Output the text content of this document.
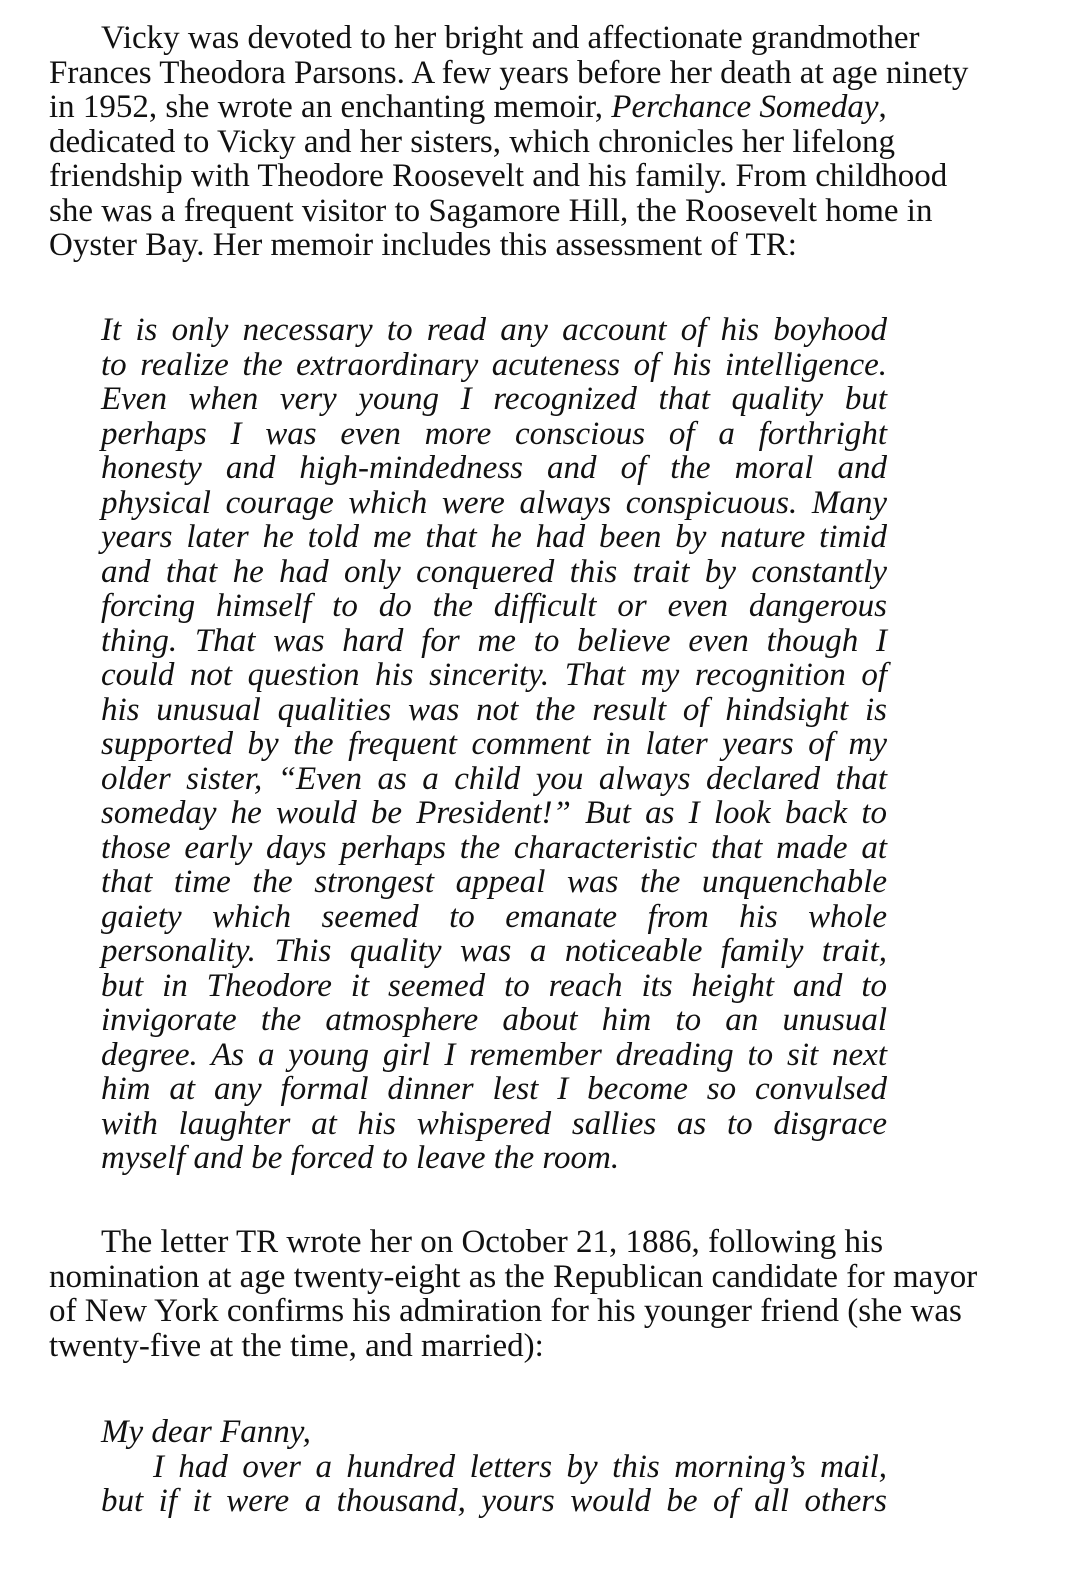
Vicky was devoted to her bright and affectionate grandmother
Frances Theodora Parsons. A few years before her death at age ninety
in 1952, she wrote an enchanting memoir, Perchance Someday,
dedicated to Vicky and her sisters, which chronicles her lifelong
friendship with Theodore Roosevelt and his family. From childhood
she was a frequent visitor to Sagamore Hill, the Roosevelt home in
Oyster Bay. Her memoir includes this assessment of TR:
It is only necessary to read any account of his boyhood
to realize the extraordinary acuteness of his intelligence.
Even when very young I recognized that quality but
perhaps I was even more conscious of a forthright
honesty and high-mindedness and of the moral and
physical courage which were always conspicuous. Many
years later he told me that he had been by nature timid
and that he had only conquered this trait by constantly
forcing himself to do the difficult or even dangerous
thing. That was hard for me to believe even though I
could not question his sincerity. That my recognition of
his unusual qualities was not the result of hindsight is
supported by the frequent comment in later years of my
older sister, “Even as a child you always declared that
someday he would be President!” But as I look back to
those early days perhaps the characteristic that made at
that time the strongest appeal was the unquenchable
gaiety which seemed to emanate from his whole
personality. This quality was a noticeable family trait,
but in Theodore it seemed to reach its height and to
invigorate the atmosphere about him to an unusual
degree. As a young girl I remember dreading to sit next
him at any formal dinner lest I become so convulsed
with laughter at his whispered sallies as to disgrace
myself and be forced to leave the room.
The letter TR wrote her on October 21, 1886, following his
nomination at age twenty-eight as the Republican candidate for mayor
of New York confirms his admiration for his younger friend (she was
twenty-five at the time, and married):
My dear Fanny,
I had over a hundred letters by this morning’s mail,
but if it were a thousand, yours would be of all others
